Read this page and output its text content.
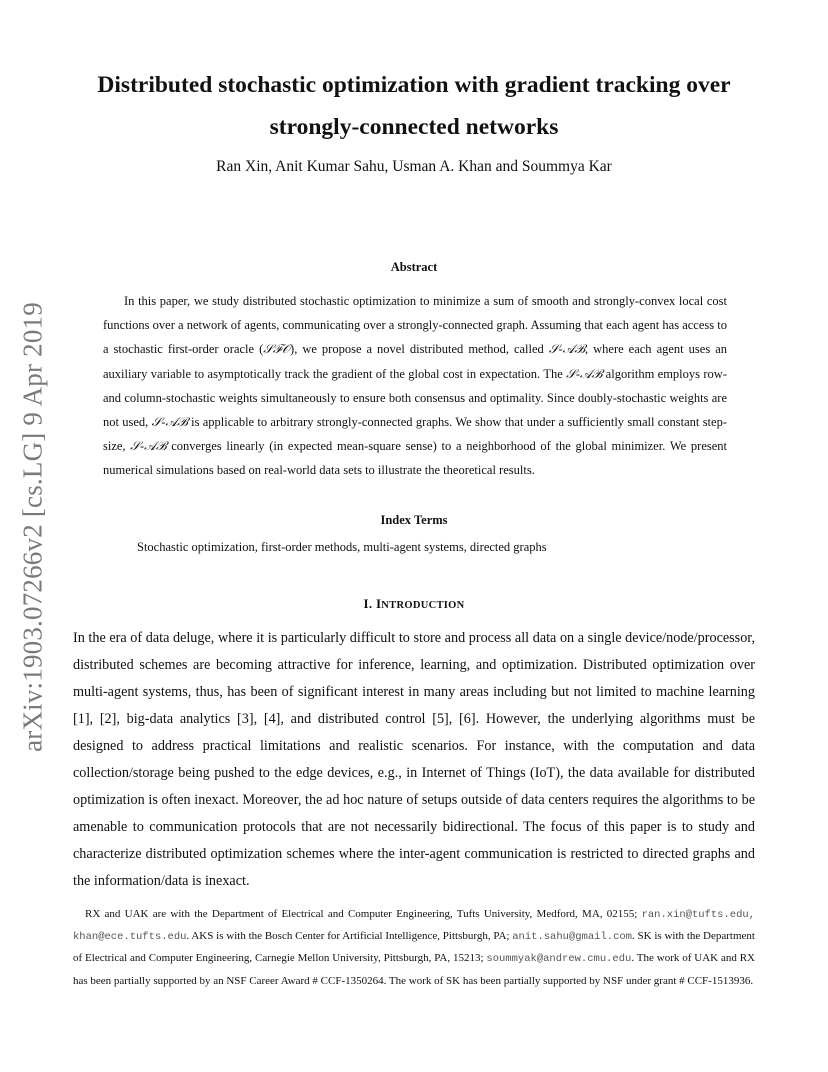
arXiv:1903.07266v2 [cs.LG] 9 Apr 2019
Distributed stochastic optimization with gradient tracking over strongly-connected networks

Ran Xin, Anit Kumar Sahu, Usman A. Khan and Soummya Kar

Abstract

In this paper, we study distributed stochastic optimization to minimize a sum of smooth and strongly-convex local cost functions over a network of agents, communicating over a strongly-connected graph. Assuming that each agent has access to a stochastic first-order oracle (𝒮ℱ𝒪), we propose a novel distributed method, called 𝒮-𝒜ℬ, where each agent uses an auxiliary variable to asymptotically track the gradient of the global cost in expectation. The 𝒮-𝒜ℬ algorithm employs row- and column-stochastic weights simultaneously to ensure both consensus and optimality. Since doubly-stochastic weights are not used, 𝒮-𝒜ℬ is applicable to arbitrary strongly-connected graphs. We show that under a sufficiently small constant step-size, 𝒮-𝒜ℬ converges linearly (in expected mean-square sense) to a neighborhood of the global minimizer. We present numerical simulations based on real-world data sets to illustrate the theoretical results.

Index Terms

Stochastic optimization, first-order methods, multi-agent systems, directed graphs

I. INTRODUCTION

In the era of data deluge, where it is particularly difficult to store and process all data on a single device/node/processor, distributed schemes are becoming attractive for inference, learning, and optimization. Distributed optimization over multi-agent systems, thus, has been of significant interest in many areas including but not limited to machine learning [1], [2], big-data analytics [3], [4], and distributed control [5], [6]. However, the underlying algorithms must be designed to address practical limitations and realistic scenarios. For instance, with the computation and data collection/storage being pushed to the edge devices, e.g., in Internet of Things (IoT), the data available for distributed optimization is often inexact. Moreover, the ad hoc nature of setups outside of data centers requires the algorithms to be amenable to communication protocols that are not necessarily bidirectional. The focus of this paper is to study and characterize distributed optimization schemes where the inter-agent communication is restricted to directed graphs and the information/data is inexact.

RX and UAK are with the Department of Electrical and Computer Engineering, Tufts University, Medford, MA, 02155; ran.xin@tufts.edu, khan@ece.tufts.edu. AKS is with the Bosch Center for Artificial Intelligence, Pittsburgh, PA; anit.sahu@gmail.com. SK is with the Department of Electrical and Computer Engineering, Carnegie Mellon University, Pittsburgh, PA, 15213; soummyak@andrew.cmu.edu. The work of UAK and RX has been partially supported by an NSF Career Award # CCF-1350264. The work of SK has been partially supported by NSF under grant # CCF-1513936.
